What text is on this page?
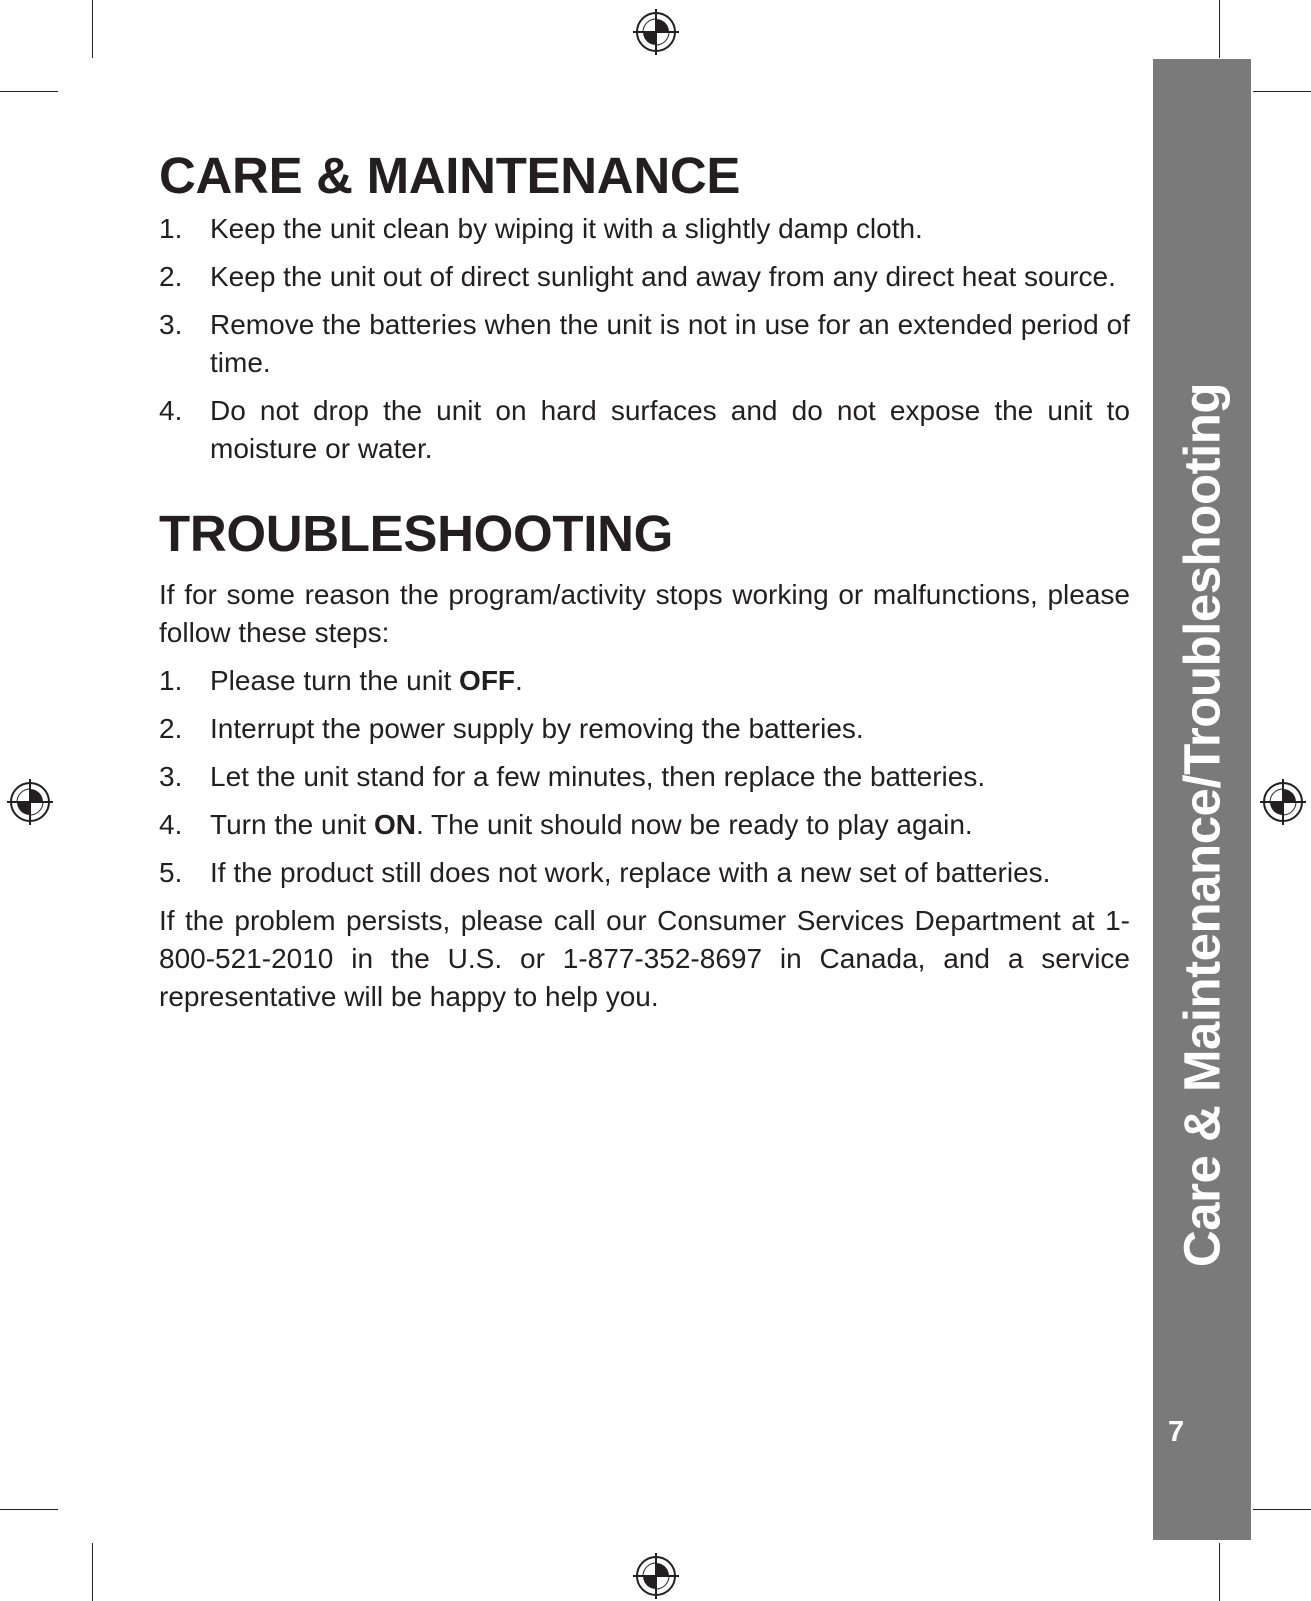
Care & Maintenance/Troubleshooting
7
CARE & MAINTENANCE
1. Keep the unit clean by wiping it with a slightly damp cloth.
2. Keep the unit out of direct sunlight and away from any direct heat source.
3. Remove the batteries when the unit is not in use for an extended period of time.
4. Do not drop the unit on hard surfaces and do not expose the unit to moisture or water.
TROUBLESHOOTING

If for some reason the program/activity stops working or malfunctions, please follow these steps:

1. Please turn the unit OFF.
2. Interrupt the power supply by removing the batteries.
3. Let the unit stand for a few minutes, then replace the batteries.
4. Turn the unit ON. The unit should now be ready to play again.
5. If the product still does not work, replace with a new set of batteries.

If the problem persists, please call our Consumer Services Department at 1-800-521-2010 in the U.S. or 1-877-352-8697 in Canada, and a service representative will be happy to help you.
